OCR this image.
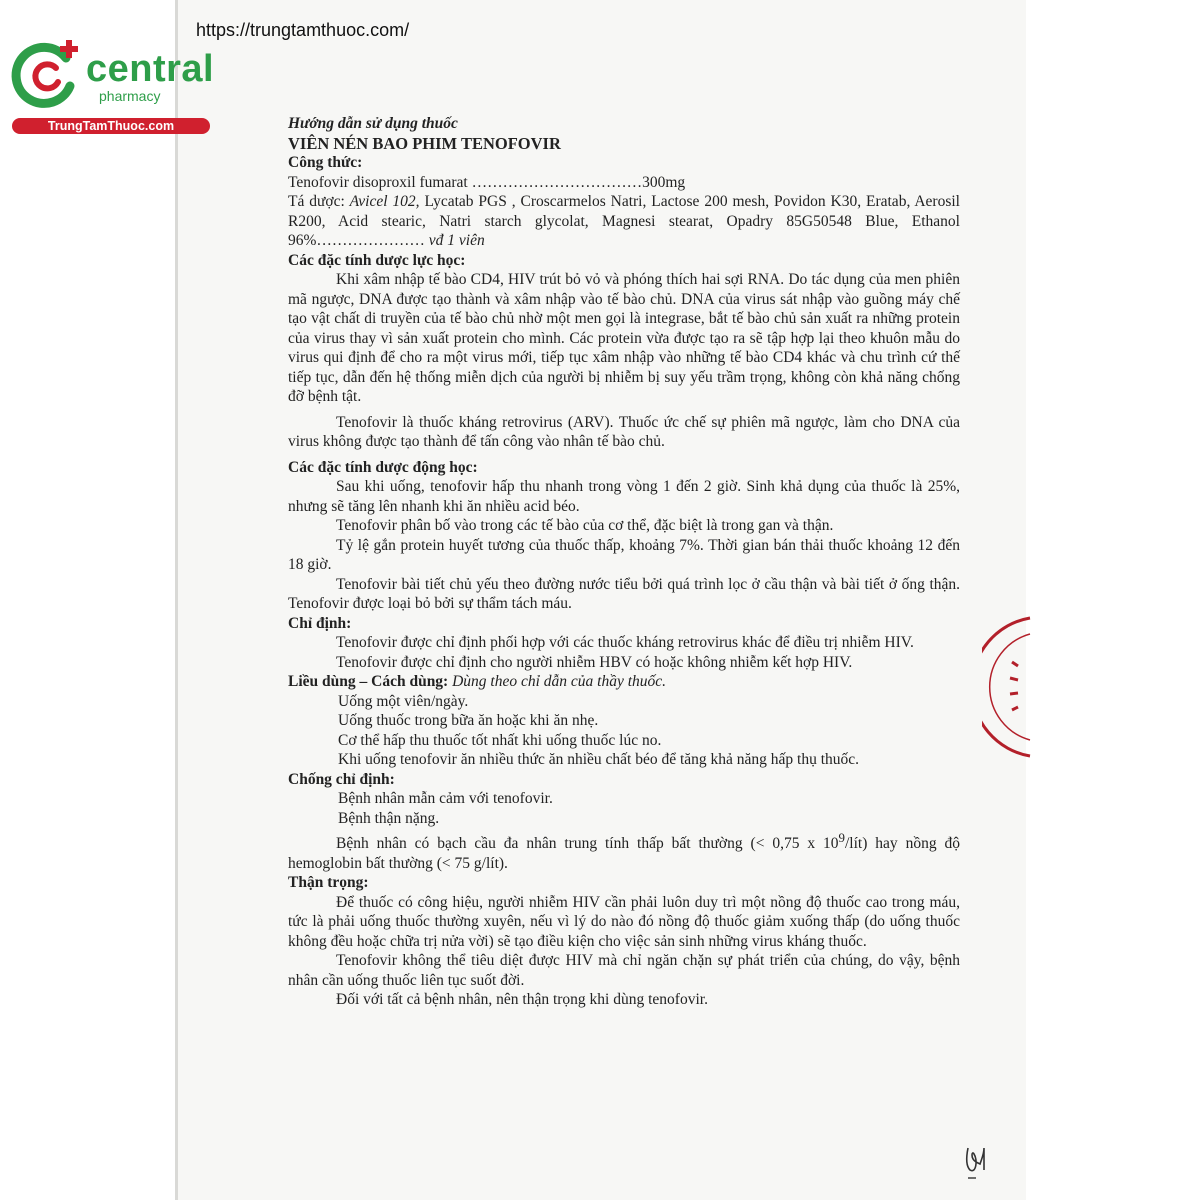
https://trungtamthuoc.com/
central
pharmacy
TrungTamThuoc.com	Hướng dẫn sử dụng thuốc

VIÊN NÉN BAO PHIM TENOFOVIR

Công thức:

Tenofovir disoproxil fumarat ……………………………300mg

Tá dược: Avicel 102, Lycatab PGS , Croscarmelos Natri, Lactose 200 mesh, Povidon K30, Eratab, Aerosil R200, Acid stearic, Natri starch glycolat, Magnesi stearat, Opadry 85G50548 Blue, Ethanol 96%………………… vđ 1 viên

Các đặc tính dược lực học:

Khi xâm nhập tế bào CD4, HIV trút bỏ vỏ và phóng thích hai sợi RNA. Do tác dụng của men phiên mã ngược, DNA được tạo thành và xâm nhập vào tế bào chủ. DNA của virus sát nhập vào guồng máy chế tạo vật chất di truyền của tế bào chủ nhờ một men gọi là integrase, bắt tế bào chủ sản xuất ra những protein của virus thay vì sản xuất protein cho mình. Các protein vừa được tạo ra sẽ tập hợp lại theo khuôn mẫu do virus qui định để cho ra một virus mới, tiếp tục xâm nhập vào những tế bào CD4 khác và chu trình cứ thế tiếp tục, dẫn đến hệ thống miễn dịch của người bị nhiễm bị suy yếu trầm trọng, không còn khả năng chống đỡ bệnh tật.

Tenofovir là thuốc kháng retrovirus (ARV). Thuốc ức chế sự phiên mã ngược, làm cho DNA của virus không được tạo thành để tấn công vào nhân tế bào chủ.

Các đặc tính dược động học:

Sau khi uống, tenofovir hấp thu nhanh trong vòng 1 đến 2 giờ. Sinh khả dụng của thuốc là 25%, nhưng sẽ tăng lên nhanh khi ăn nhiều acid béo.

Tenofovir phân bố vào trong các tế bào của cơ thể, đặc biệt là trong gan và thận.

Tỷ lệ gắn protein huyết tương của thuốc thấp, khoảng 7%. Thời gian bán thải thuốc khoảng 12 đến 18 giờ.

Tenofovir bài tiết chủ yếu theo đường nước tiểu bởi quá trình lọc ở cầu thận và bài tiết ở ống thận. Tenofovir được loại bỏ bởi sự thẩm tách máu.

Chỉ định:

Tenofovir được chỉ định phối hợp với các thuốc kháng retrovirus khác để điều trị nhiễm HIV.

Tenofovir được chỉ định cho người nhiễm HBV có hoặc không nhiễm kết hợp HIV.

Liều dùng – Cách dùng: Dùng theo chỉ dẫn của thầy thuốc.

Uống một viên/ngày.

Uống thuốc trong bữa ăn hoặc khi ăn nhẹ.

Cơ thể hấp thu thuốc tốt nhất khi uống thuốc lúc no.

Khi uống tenofovir ăn nhiều thức ăn nhiều chất béo để tăng khả năng hấp thụ thuốc.

Chống chỉ định:

Bệnh nhân mẫn cảm với tenofovir.

Bệnh thận nặng.

Bệnh nhân có bạch cầu đa nhân trung tính thấp bất thường (< 0,75 x $10^9/lít$) hay nồng độ hemoglobin bất thường (< 75 g/lít).

Thận trọng:

Để thuốc có công hiệu, người nhiễm HIV cần phải luôn duy trì một nồng độ thuốc cao trong máu, tức là phải uống thuốc thường xuyên, nếu vì lý do nào đó nồng độ thuốc giảm xuống thấp (do uống thuốc không đều hoặc chữa trị nửa vời) sẽ tạo điều kiện cho việc sản sinh những virus kháng thuốc.

Tenofovir không thể tiêu diệt được HIV mà chỉ ngăn chặn sự phát triển của chúng, do vậy, bệnh nhân cần uống thuốc liên tục suốt đời.

Đối với tất cả bệnh nhân, nên thận trọng khi dùng tenofovir.
